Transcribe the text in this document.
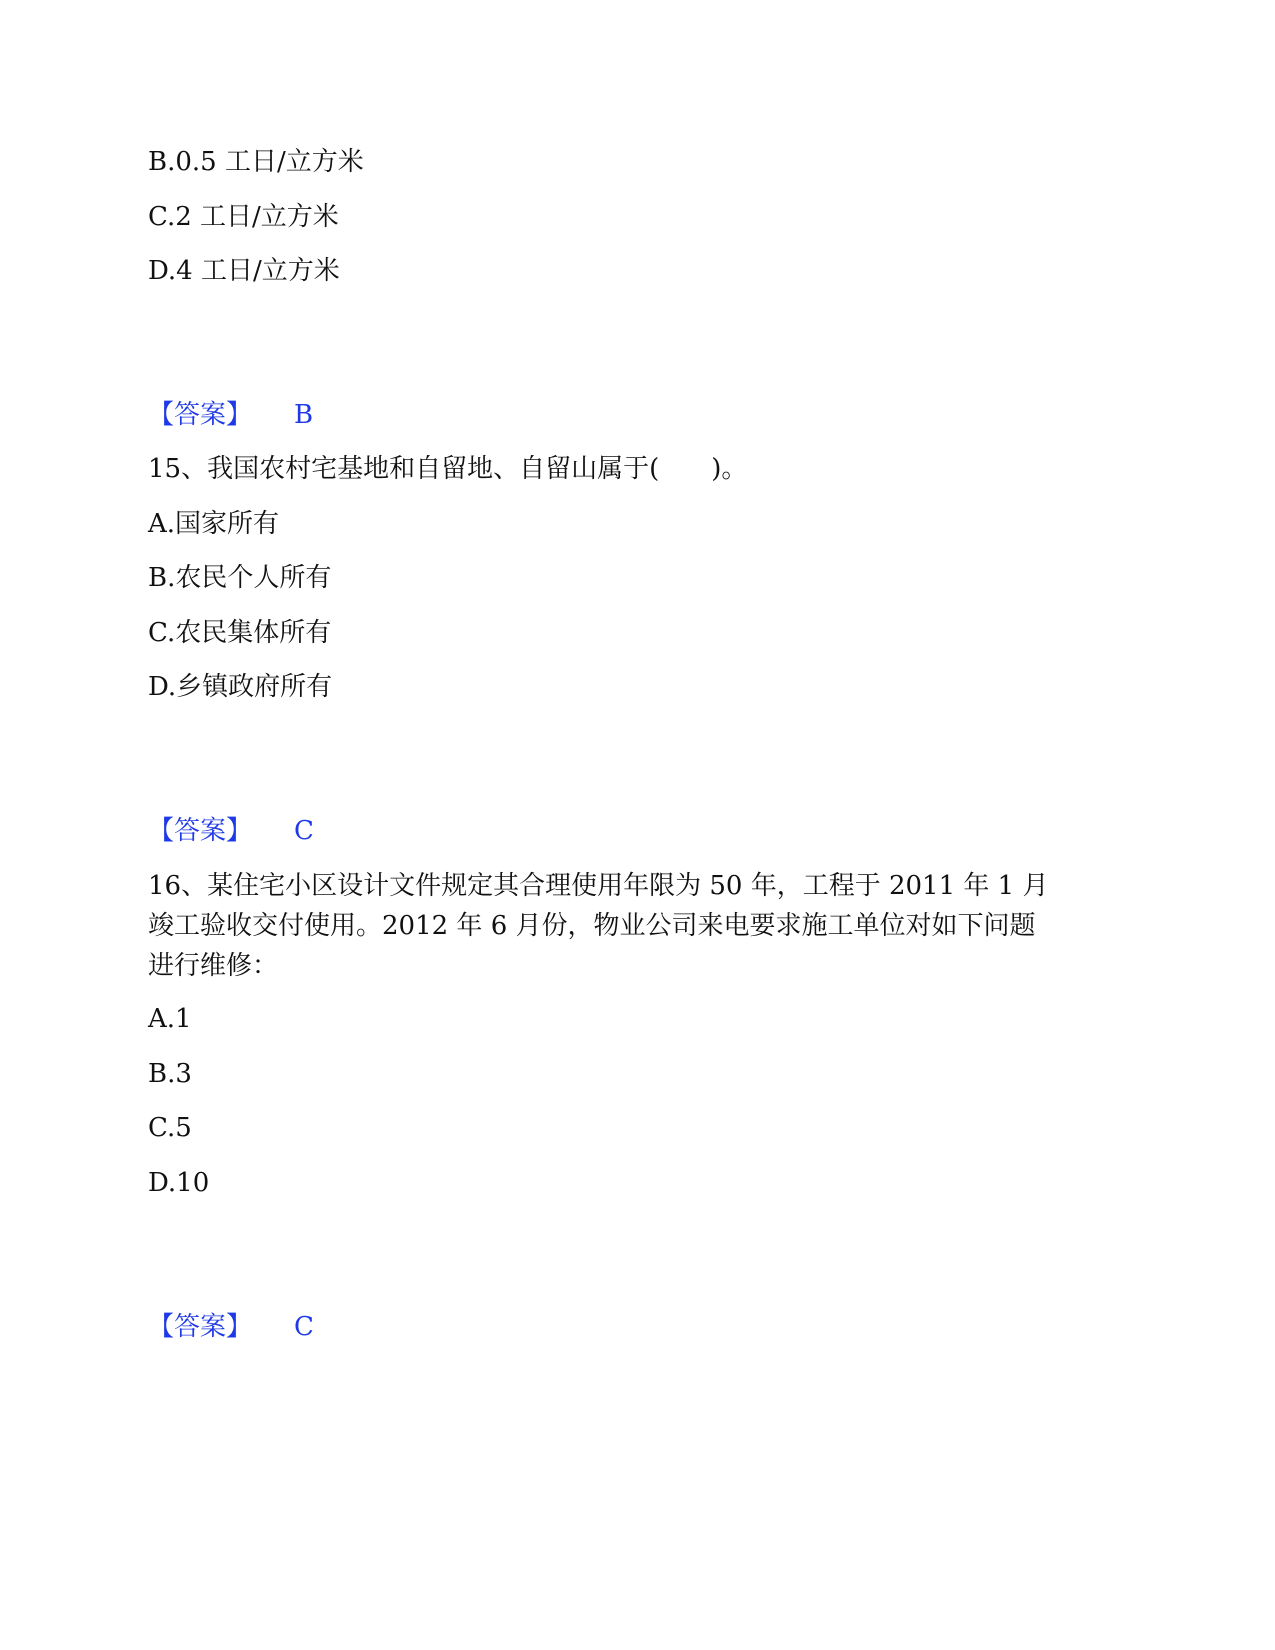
B.0.5 工日/立方米
C.2 工日/立方米
D.4 工日/立方米
【答案】 B
15、我国农村宅基地和自留地、自留山属于(　　)。
A.国家所有
B.农民个人所有
C.农民集体所有
D.乡镇政府所有
【答案】 C
16、某住宅小区设计文件规定其合理使用年限为 50 年，工程于 2011 年 1 月
竣工验收交付使用。2012 年 6 月份，物业公司来电要求施工单位对如下问题
进行维修：
A.1
B.3
C.5
D.10
【答案】 C
